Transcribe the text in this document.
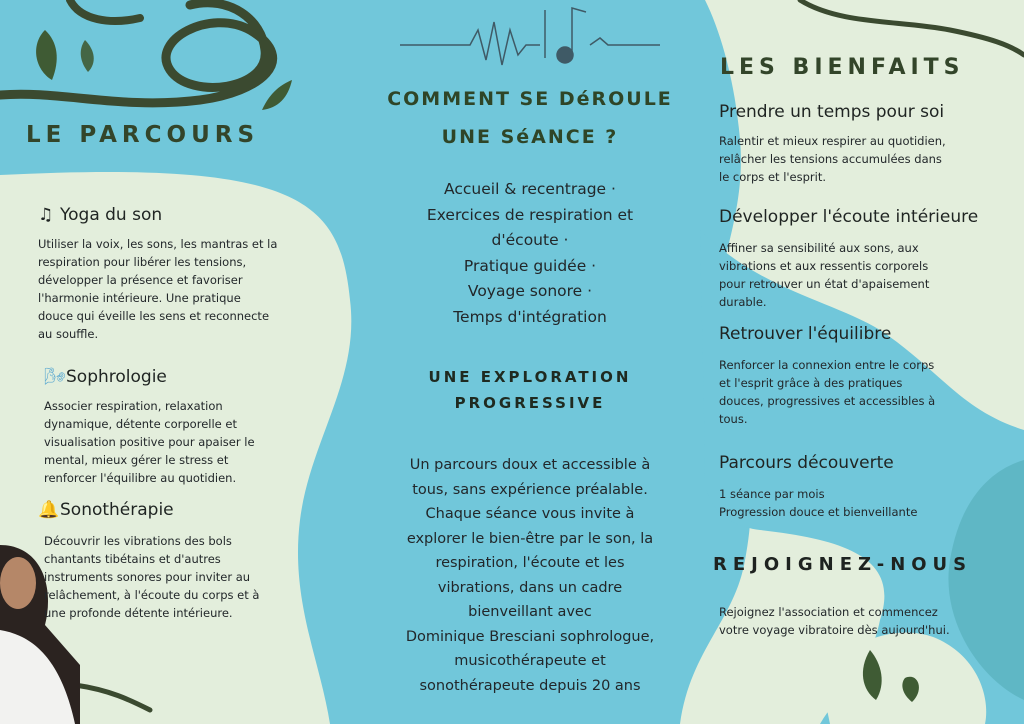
LE PARCOURS
♫ Yoga du son
Utiliser la voix, les sons, les mantras et la respiration pour libérer les tensions, développer la présence et favoriser l'harmonie intérieure. Une pratique douce qui éveille les sens et reconnecte au souffle.
🌬Sophrologie
Associer respiration, relaxation dynamique, détente corporelle et visualisation positive pour apaiser le mental, mieux gérer le stress et renforcer l'équilibre au quotidien.
🔔Sonothérapie
Découvrir les vibrations des bols chantants tibétains et d'autres instruments sonores pour inviter au relâchement, à l'écoute du corps et à une profonde détente intérieure.
COMMENT SE DéROULE
UNE SéANCE ?
Accueil & recentrage ·
Exercices de respiration et
d'écoute ·
Pratique guidée ·
Voyage sonore ·
Temps d'intégration
UNE EXPLORATION
PROGRESSIVE
Un parcours doux et accessible à
tous, sans expérience préalable.
Chaque séance vous invite à
explorer le bien-être par le son, la
respiration, l'écoute et les
vibrations, dans un cadre
bienveillant avec
Dominique Bresciani sophrologue,
musicothérapeute et
sonothérapeute depuis 20 ans
LES BIENFAITS
Prendre un temps pour soi
Ralentir et mieux respirer au quotidien, relâcher les tensions accumulées dans le corps et l'esprit.
Développer l'écoute intérieure
Affiner sa sensibilité aux sons, aux vibrations et aux ressentis corporels pour retrouver un état d'apaisement durable.
Retrouver l'équilibre
Renforcer la connexion entre le corps et l'esprit grâce à des pratiques douces, progressives et accessibles à tous.
Parcours découverte
1 séance par mois
Progression douce et bienveillante
REJOIGNEZ-NOUS
Rejoignez l'association et commencez votre voyage vibratoire dès aujourd'hui.
